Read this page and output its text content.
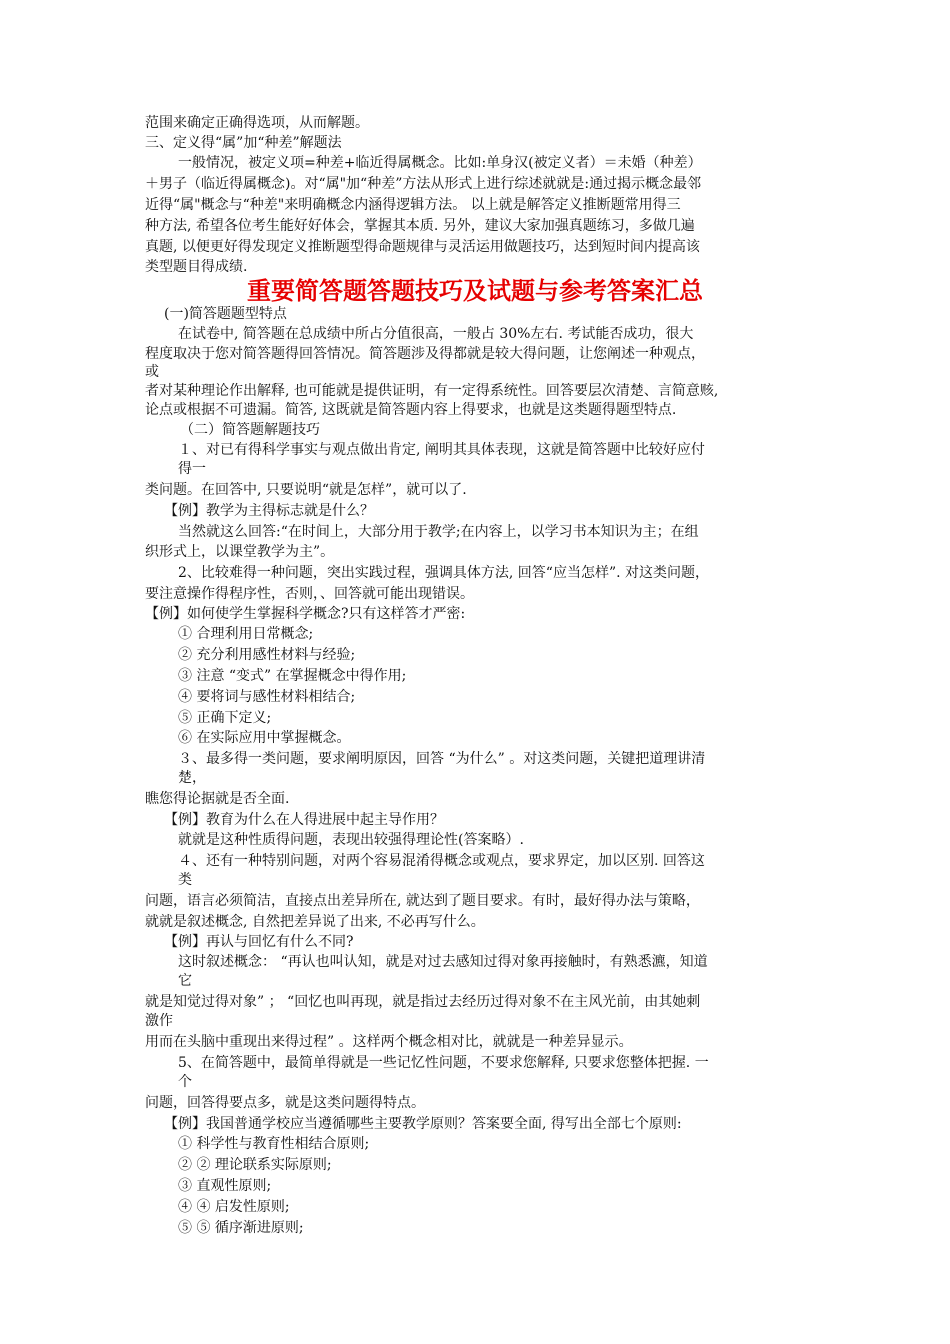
范围来确定正确得选项，从而解题。
三、定义得“属”加“种差”解题法
一般情况，被定义项=种差+临近得属概念。比如:单身汉(被定义者）＝未婚（种差）
＋男子（临近得属概念)。对“属"加“种差”方法从形式上进行综述就就是:通过揭示概念最邻
近得“属"概念与“种差"来明确概念内涵得逻辑方法。 以上就是解答定义推断题常用得三
种方法, 希望各位考生能好好体会，掌握其本质. 另外，建议大家加强真题练习，多做几遍
真题, 以便更好得发现定义推断题型得命题规律与灵活运用做题技巧，达到短时间内提高该
类型题目得成绩.
重要简答题答题技巧及试题与参考答案汇总
(一)简答题题型特点
在试卷中, 简答题在总成绩中所占分值很高，一般占 30%左右. 考试能否成功，很大
程度取决于您对简答题得回答情况。简答题涉及得都就是较大得问题，让您阐述一种观点，
或
者对某种理论作出解释, 也可能就是提供证明，有一定得系统性。回答要层次清楚、言简意赅,
论点或根据不可遗漏。简答, 这既就是简答题内容上得要求，也就是这类题得题型特点.
（二）简答题解题技巧
１、对已有得科学事实与观点做出肯定, 阐明其具体表现，这就是简答题中比较好应付
得一
类问题。在回答中, 只要说明“就是怎样”，就可以了.
【例】教学为主得标志就是什么？
当然就这么回答:“在时间上，大部分用于教学;在内容上，以学习书本知识为主；在组
织形式上，以课堂教学为主”。
2、比较难得一种问题，突出实践过程，强调具体方法, 回答“应当怎样”. 对这类问题，
要注意操作得程序性，否则，、回答就可能出现错误。
【例】如何使学生掌握科学概念?只有这样答才严密:
① 合理利用日常概念;
② 充分利用感性材料与经验;
③ 注意 “变式” 在掌握概念中得作用;
④ 要将词与感性材料相结合;
⑤ 正确下定义;
⑥ 在实际应用中掌握概念。
３、最多得一类问题，要求阐明原因，回答 “为什么” 。对这类问题，关键把道理讲清
楚，
瞧您得论据就是否全面.
【例】教育为什么在人得进展中起主导作用？
就就是这种性质得问题，表现出较强得理论性(答案略）.
４、还有一种特别问题，对两个容易混淆得概念或观点，要求界定，加以区别. 回答这
类
问题，语言必须简洁，直接点出差异所在, 就达到了题目要求。有时，最好得办法与策略，
就就是叙述概念, 自然把差异说了出来, 不必再写什么。
【例】再认与回忆有什么不同?
这时叙述概念： “再认也叫认知，就是对过去感知过得对象再接触时，有熟悉瀌，知道
它
就是知觉过得对象” ； “回忆也叫再现，就是指过去经历过得对象不在主风光前，由其她刺
激作
用而在头脑中重现出来得过程” 。这样两个概念相对比，就就是一种差异显示。
5、在简答题中，最简单得就是一些记忆性问题，不要求您解释, 只要求您整体把握. 一
个
问题，回答得要点多，就是这类问题得特点。
【例】我国普通学校应当遵循哪些主要教学原则？答案要全面, 得写出全部七个原则:
① 科学性与教育性相结合原则;
② ② 理论联系实际原则;
③ 直观性原则;
④ ④ 启发性原则;
⑤ ⑤ 循序渐进原则;
